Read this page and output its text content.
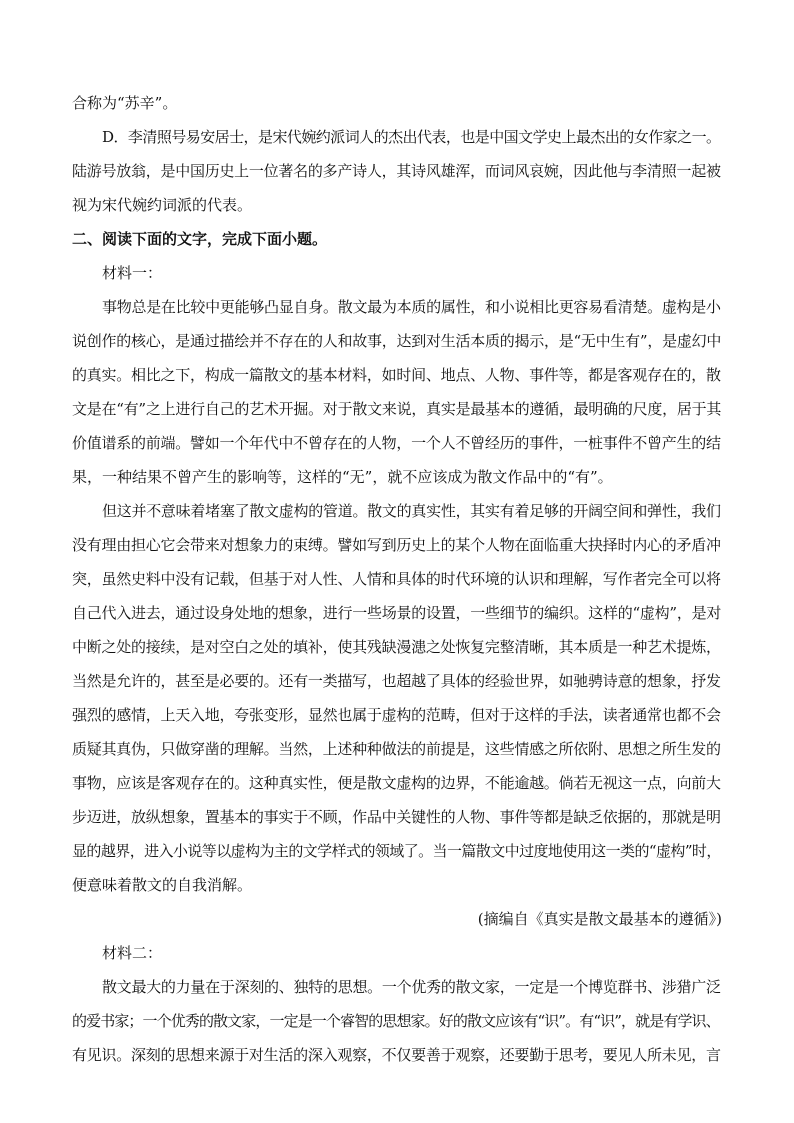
合称为“苏辛”。
D．李清照号易安居士，是宋代婉约派词人的杰出代表，也是中国文学史上最杰出的女作家之一。
陆游号放翁，是中国历史上一位著名的多产诗人，其诗风雄浑，而词风哀婉，因此他与李清照一起被
视为宋代婉约词派的代表。
二、阅读下面的文字，完成下面小题。
材料一：
事物总是在比较中更能够凸显自身。散文最为本质的属性，和小说相比更容易看清楚。虚构是小
说创作的核心，是通过描绘并不存在的人和故事，达到对生活本质的揭示，是“无中生有”，是虚幻中
的真实。相比之下，构成一篇散文的基本材料，如时间、地点、人物、事件等，都是客观存在的，散
文是在“有”之上进行自己的艺术开掘。对于散文来说，真实是最基本的遵循，最明确的尺度，居于其
价值谱系的前端。譬如一个年代中不曾存在的人物，一个人不曾经历的事件，一桩事件不曾产生的结
果，一种结果不曾产生的影响等，这样的“无”，就不应该成为散文作品中的“有”。
但这并不意味着堵塞了散文虚构的管道。散文的真实性，其实有着足够的开阔空间和弹性，我们
没有理由担心它会带来对想象力的束缚。譬如写到历史上的某个人物在面临重大抉择时内心的矛盾冲
突，虽然史料中没有记载，但基于对人性、人情和具体的时代环境的认识和理解，写作者完全可以将
自己代入进去，通过设身处地的想象，进行一些场景的设置，一些细节的编织。这样的“虚构”，是对
中断之处的接续，是对空白之处的填补，使其残缺漫漶之处恢复完整清晰，其本质是一种艺术提炼，
当然是允许的，甚至是必要的。还有一类描写，也超越了具体的经验世界，如驰骋诗意的想象，抒发
强烈的感情，上天入地，夸张变形，显然也属于虚构的范畴，但对于这样的手法，读者通常也都不会
质疑其真伪，只做穿凿的理解。当然，上述种种做法的前提是，这些情感之所依附、思想之所生发的
事物，应该是客观存在的。这种真实性，便是散文虚构的边界，不能逾越。倘若无视这一点，向前大
步迈进，放纵想象，置基本的事实于不顾，作品中关键性的人物、事件等都是缺乏依据的，那就是明
显的越界，进入小说等以虚构为主的文学样式的领域了。当一篇散文中过度地使用这一类的“虚构”时，
便意味着散文的自我消解。
(摘编自《真实是散文最基本的遵循》)
材料二：
散文最大的力量在于深刻的、独特的思想。一个优秀的散文家，一定是一个博览群书、涉猎广泛
的爱书家；一个优秀的散文家，一定是一个睿智的思想家。好的散文应该有“识”。有“识”，就是有学识、
有见识。深刻的思想来源于对生活的深入观察，不仅要善于观察，还要勤于思考，要见人所未见，言
